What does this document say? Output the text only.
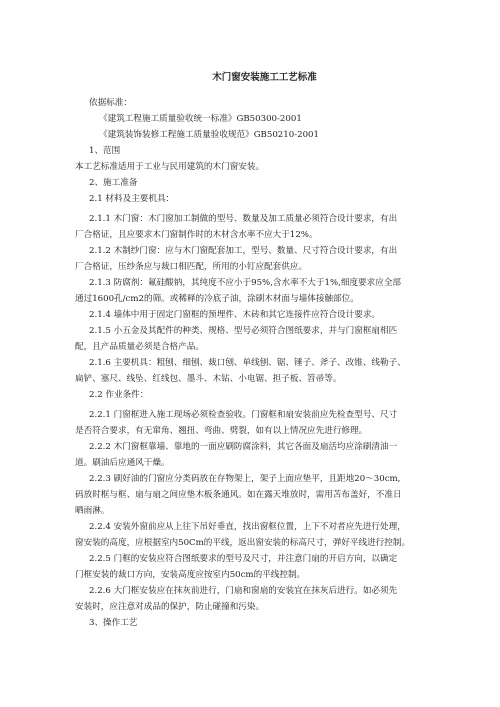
木门窗安装施工工艺标准
依据标准：
《建筑工程施工质量验收统一标准》GB50300-2001
《建筑装饰装修工程施工质量验收规范》GB50210-2001
1、范围
本工艺标准适用于工业与民用建筑的木门窗安装。
2、施工准备
2.1 材料及主要机具：
2.1.1 木门窗：木门窗加工制做的型号、数量及加工质量必须符合设计要求，有出
厂合格证，且应要求木门窗制作时的木材含水率不应大于12%。
2.1.2 木制纱门窗：应与木门窗配套加工，型号、数量、尺寸符合设计要求，有出
厂合格证，压纱条应与裁口相匹配，所用的小钉应配套供应。
2.1.3 防腐剂：氟硅酸钠，其纯度不应小于95%,含水率不大于1%,细度要求应全部
通过1600孔/cm2的筛。或稀释的冷底子油，涂刷木材面与墙体接触部位。
2.1.4 墙体中用于固定门窗框的预埋件、木砖和其它连接件应符合设计要求。
2.1.5 小五金及其配件的种类、规格、型号必须符合图纸要求，并与门窗框扇相匹
配，且产品质量必须是合格产品。
2.1.6 主要机具：粗刨、细刨、裁口刨、单线刨、锯、锤子、斧子、改锥、线勒子、
扁铲、塞尺、线坠、红线包、墨斗、木钻、小电锯、担子板、笤帚等。
2.2 作业条件：
2.2.1 门窗框进入施工现场必须检查验收。门窗框和扇安装前应先检查型号、尺寸
是否符合要求，有无窜角、翘扭、弯曲、劈裂，如有以上情况应先进行修理。
2.2.2 木门窗框靠墙、靠地的一面应刷防腐涂料，其它各面及扇活均应涂刷清油一
道。刷油后应通风干燥。
2.2.3 刷好油的门窗应分类码放在存物架上，架子上面应垫平，且距地20～30cm,
码放时框与框、扇与扇之间应垫木板条通风。如在露天堆放时，需用苫布盖好，不准日
晒雨淋。
2.2.4 安装外窗前应从上往下吊好垂直，找出窗框位置，上下不对者应先进行处理，
窗安装的高度，应根据室内50Cm的平线，返出窗安装的标高尺寸，弹好平线进行控制。
2.2.5 门框的安装应符合图纸要求的型号及尺寸，并注意门扇的开启方向，以确定
门框安装的裁口方向，安装高度应按室内50cm的平线控制。
2.2.6 大门框安装应在抹灰前进行，门扇和窗扇的安装宜在抹灰后进行。如必须先
安装时，应注意对成品的保护，防止碰撞和污染。
3、操作工艺
